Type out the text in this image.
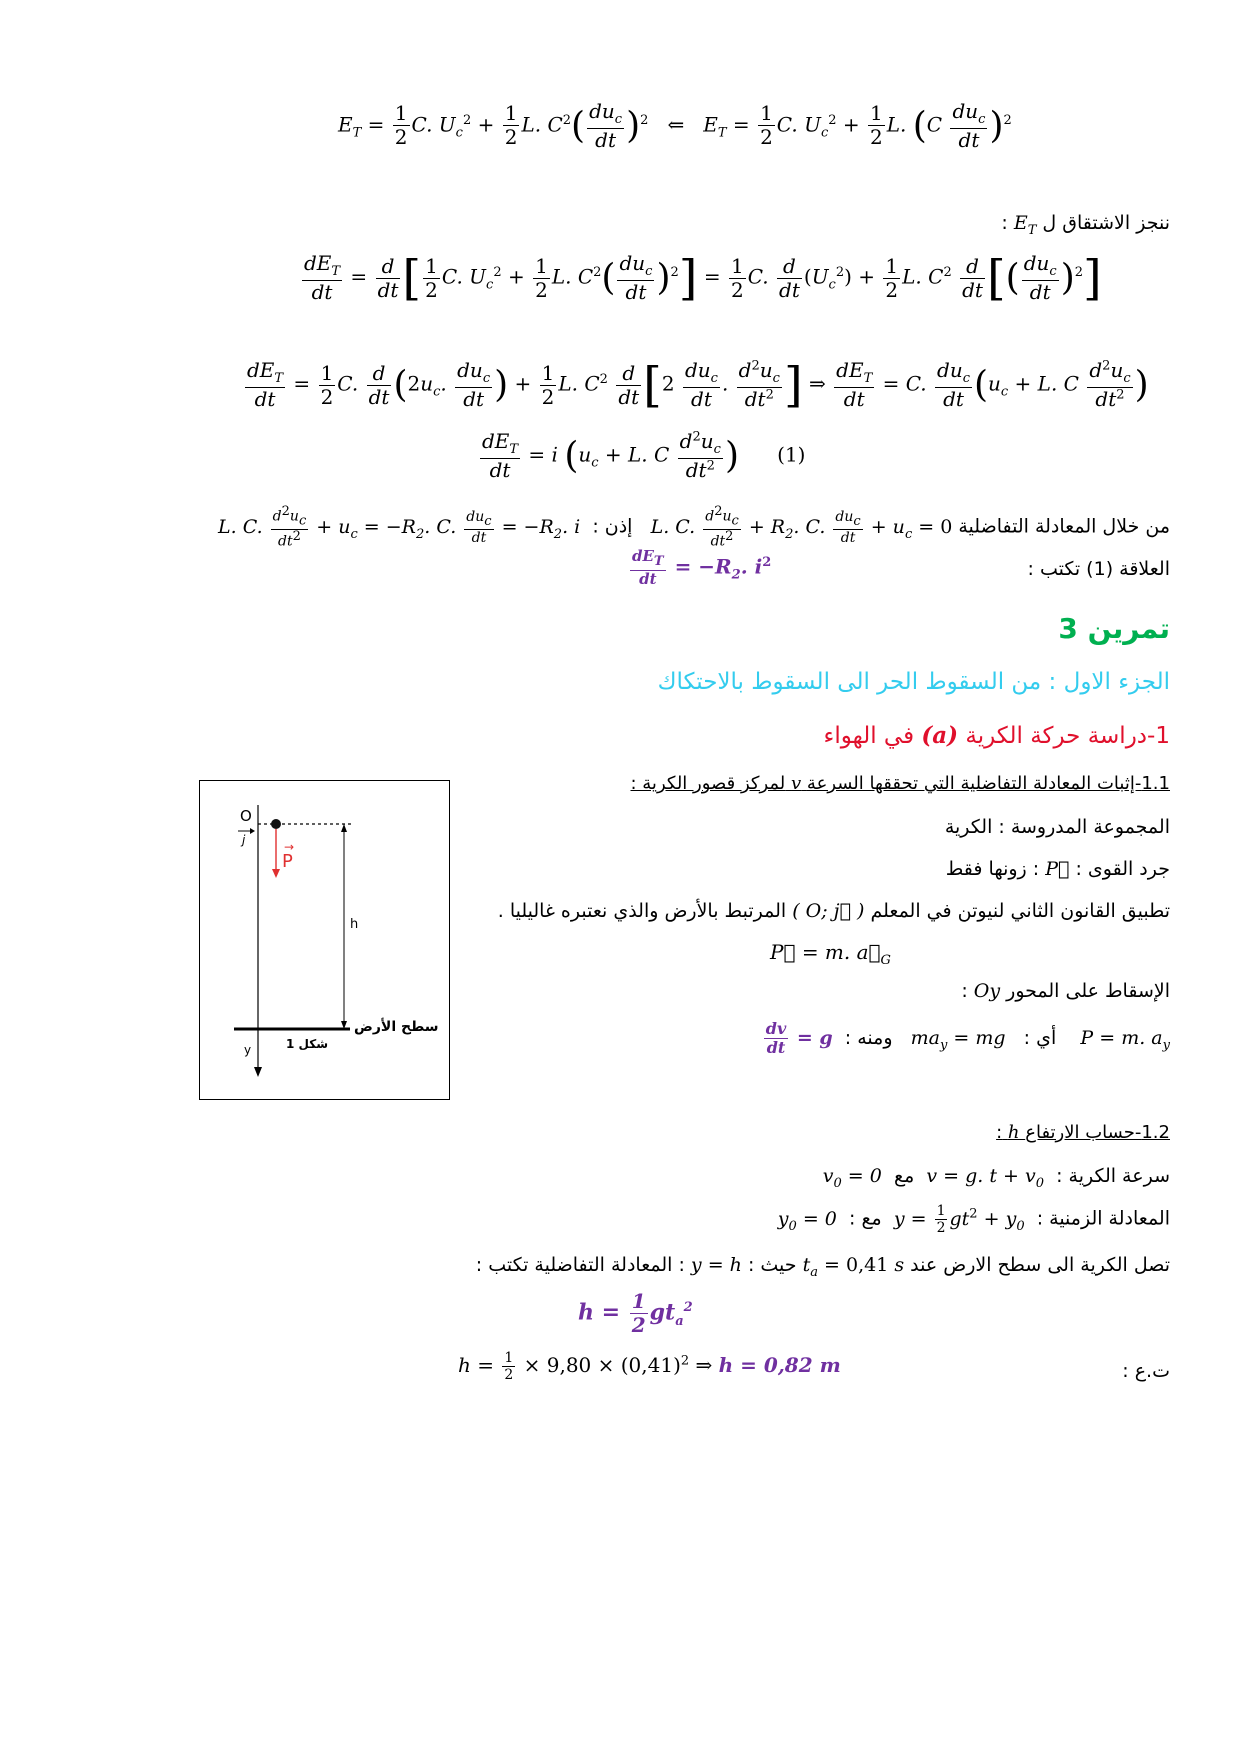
$E_T = \frac{1}{2} C$. $U_c^2 + \frac{1}{2} L$. $C^2( \frac{du_c}{dt} )^2$ ⇐   $E_T = \frac{1}{2} C$. $U_c^2 + \frac{1}{2} L$. $(C \frac{du_c}{dt} )^2$
ننجز الاشتقاق ل $E_T$ :
$\frac{dE_T}{dt} = \frac{d}{dt}$ [ $\frac{1}{2} C$. $U_c^2 + \frac{1}{2} L$. $C^2( \frac{du_c}{dt} )^2] = \frac{1}{2} C$. $\frac{d}{dt} (U_c^2) + \frac{1}{2} L$. $C^2 \frac{d}{dt}$ [( $\frac{du_c}{dt} )^2$]
$\frac{dE_T}{dt} = \frac{1}{2} C$. $\frac{d}{dt} (2u_c$. $\frac{du_c}{dt}$ ) + $\frac{1}{2} L$. $C^2 \frac{d}{dt} [2 \frac{du_c}{dt}$ . $\frac{d^2u_c}{dt^2}$ ] ⇒ $\frac{dE_T}{dt} = C$. $\frac{du_c}{dt} (u_c + L$. C $\frac{d^2u_c}{dt^2}$ )
$\frac{dE_T}{dt} = i$ ($u_c + L$. C $\frac{d^2u_c}{dt^2}$ ) (1)
من خلال المعادلة التفاضلية L. C. $\frac{d^2u_c}{dt^2} + R_2$. C. $\frac{du_c}{dt} + u_c = 0$   إذن :  L. C. $\frac{d^2u_c}{dt^2} + u_c = -R_2$. C. $\frac{du_c}{dt} = -R_2$. i
العلاقة (1) تكتب :
$\frac{dE_T}{dt} = -R_2$. $i^2$
تمرين 3
الجزء الاول : من السقوط الحر الى السقوط بالاحتكاك
1-دراسة حركة الكرية (a) في الهواء
1.1-إثبات المعادلة التفاضلية التي تحققها السرعة v لمركز قصور الكرية :
المجموعة المدروسة : الكرية
جرد القوى : P⃗ : زونها فقط
تطبيق القانون الثاني لنيوتن في المعلم ( O; j⃗ ) المرتبط بالأرض والذي نعتبره غاليليا .
P⃗ = m. $a⃗_G$
الإسقاط على المحور Oy :
P = m. $a_y$    أي :   $ma_y$ = mg   ومنه :
$\frac{dv}{dt} = g$
O
j	→
P
h
سطح الأرض
شكل 1
y
1.2-حساب الارتفاع h :
سرعة الكرية :  v = g. $t + v_0$  مع  $v_0 = 0$
المعادلة الزمنية :  $y = \frac{1}{2} gt^2 + y_0$  مع :  $y_0 = 0$
تصل الكرية الى سطح الارض عند $t_a = 0,41$ s حيث : y = h : المعادلة التفاضلية تكتب :
$h = \frac{1}{2} gt_a^2$
ت.ع :
$h = \frac{1}{2} \times 9,80 \times (0,41)^2$ ⇒ h = 0,82 m
